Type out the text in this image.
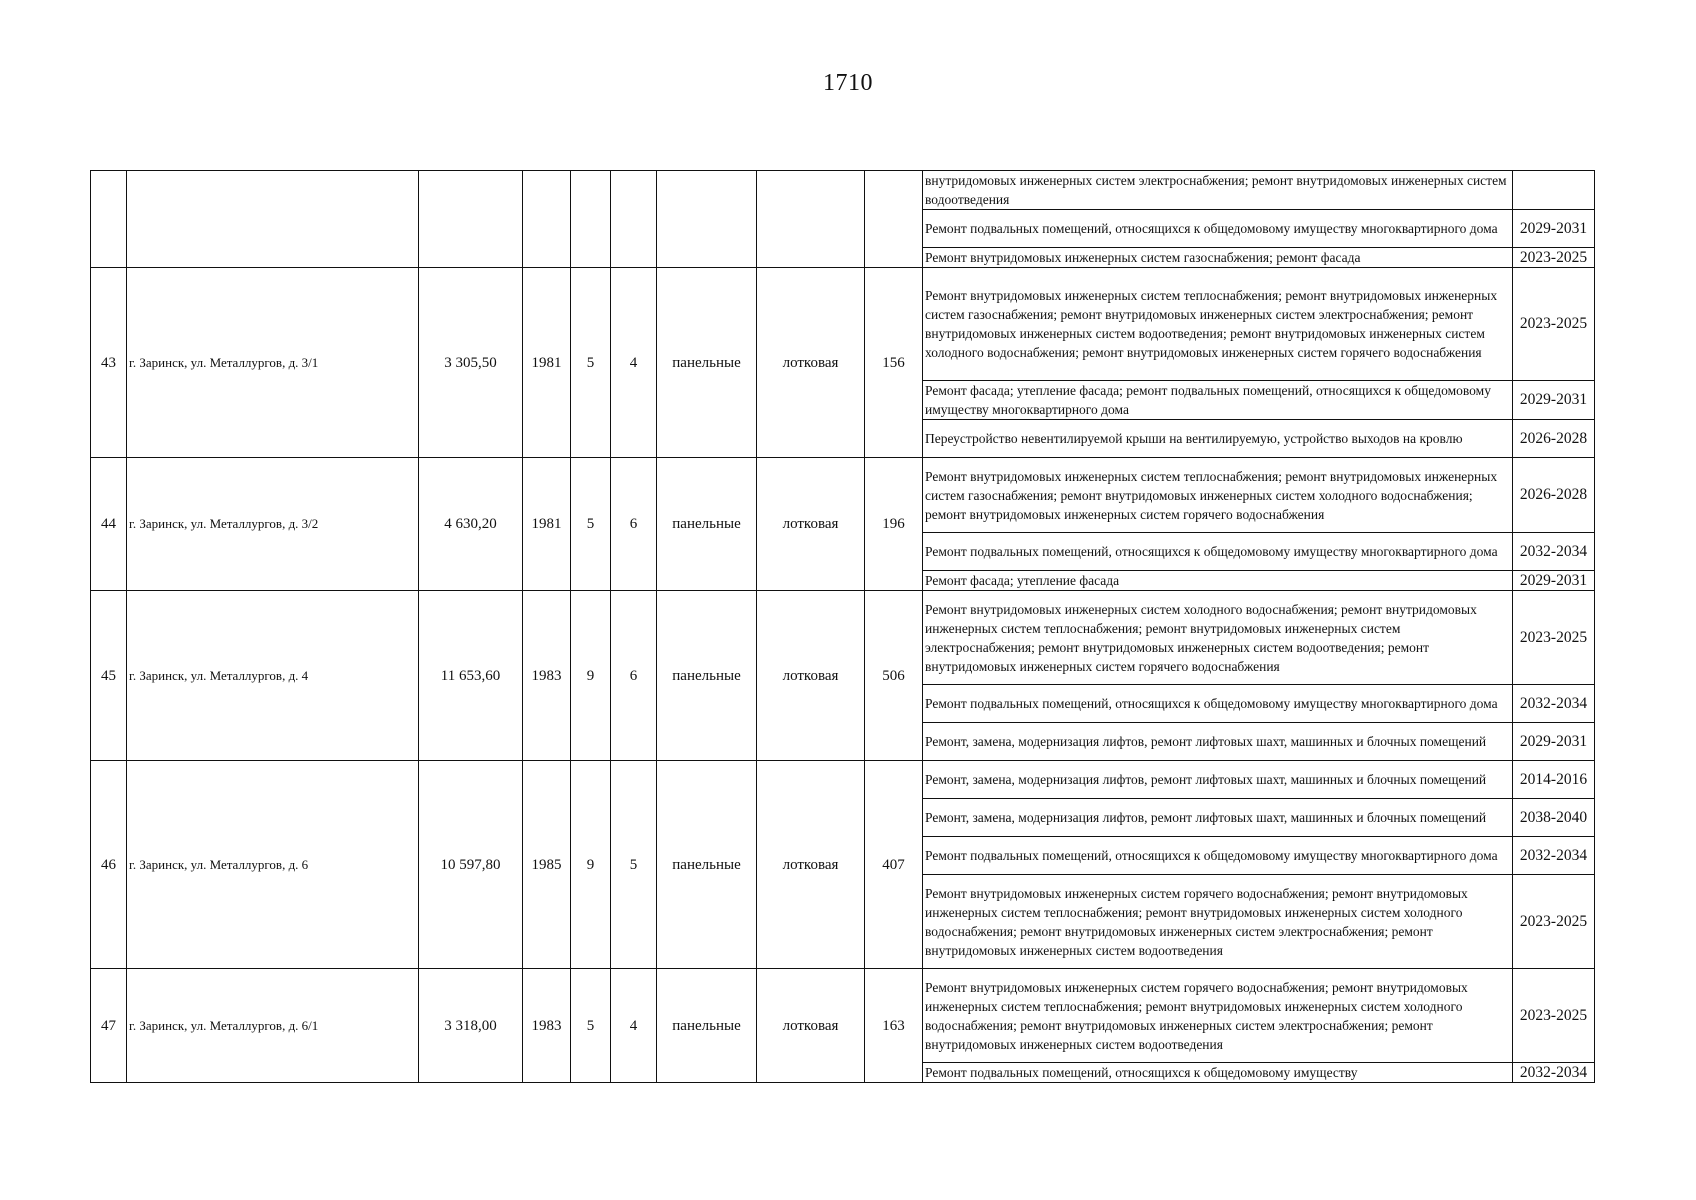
1710
									внутридомовых инженерных систем электроснабжения; ремонт внутридомовых инженерных систем водоотведения	
									Ремонт подвальных помещений, относящихся к общедомовому имуществу многоквартирного дома	2029-2031
									Ремонт внутридомовых инженерных систем газоснабжения; ремонт фасада	2023-2025
43	г. Заринск, ул. Металлургов, д. 3/1	3 305,50	1981	5	4	панельные	лотковая	156	Ремонт внутридомовых инженерных систем теплоснабжения; ремонт внутридомовых инженерных систем газоснабжения; ремонт внутридомовых инженерных систем электроснабжения; ремонт внутридомовых инженерных систем водоотведения; ремонт внутридомовых инженерных систем холодного водоснабжения; ремонт внутридомовых инженерных систем горячего водоснабжения	2023-2025
									Ремонт фасада; утепление фасада; ремонт подвальных помещений, относящихся к общедомовому имуществу многоквартирного дома	2029-2031
									Переустройство невентилируемой крыши на вентилируемую, устройство выходов на кровлю	2026-2028
44	г. Заринск, ул. Металлургов, д. 3/2	4 630,20	1981	5	6	панельные	лотковая	196	Ремонт внутридомовых инженерных систем теплоснабжения; ремонт внутридомовых инженерных систем газоснабжения; ремонт внутридомовых инженерных систем холодного водоснабжения; ремонт внутридомовых инженерных систем горячего водоснабжения	2026-2028
									Ремонт подвальных помещений, относящихся к общедомовому имуществу многоквартирного дома	2032-2034
									Ремонт фасада; утепление фасада	2029-2031
45	г. Заринск, ул. Металлургов, д. 4	11 653,60	1983	9	6	панельные	лотковая	506	Ремонт внутридомовых инженерных систем холодного водоснабжения; ремонт внутридомовых инженерных систем теплоснабжения; ремонт внутридомовых инженерных систем электроснабжения; ремонт внутридомовых инженерных систем водоотведения; ремонт внутридомовых инженерных систем горячего водоснабжения	2023-2025
									Ремонт подвальных помещений, относящихся к общедомовому имуществу многоквартирного дома	2032-2034
									Ремонт, замена, модернизация лифтов, ремонт лифтовых шахт, машинных и блочных помещений	2029-2031
46	г. Заринск, ул. Металлургов, д. 6	10 597,80	1985	9	5	панельные	лотковая	407	Ремонт, замена, модернизация лифтов, ремонт лифтовых шахт, машинных и блочных помещений	2014-2016
									Ремонт, замена, модернизация лифтов, ремонт лифтовых шахт, машинных и блочных помещений	2038-2040
									Ремонт подвальных помещений, относящихся к общедомовому имуществу многоквартирного дома	2032-2034
									Ремонт внутридомовых инженерных систем горячего водоснабжения; ремонт внутридомовых инженерных систем теплоснабжения; ремонт внутридомовых инженерных систем холодного водоснабжения; ремонт внутридомовых инженерных систем электроснабжения; ремонт внутридомовых инженерных систем водоотведения	2023-2025
47	г. Заринск, ул. Металлургов, д. 6/1	3 318,00	1983	5	4	панельные	лотковая	163	Ремонт внутридомовых инженерных систем горячего водоснабжения; ремонт внутридомовых инженерных систем теплоснабжения; ремонт внутридомовых инженерных систем холодного водоснабжения; ремонт внутридомовых инженерных систем электроснабжения; ремонт внутридомовых инженерных систем водоотведения	2023-2025
									Ремонт подвальных помещений, относящихся к общедомовому имуществу	2032-2034
